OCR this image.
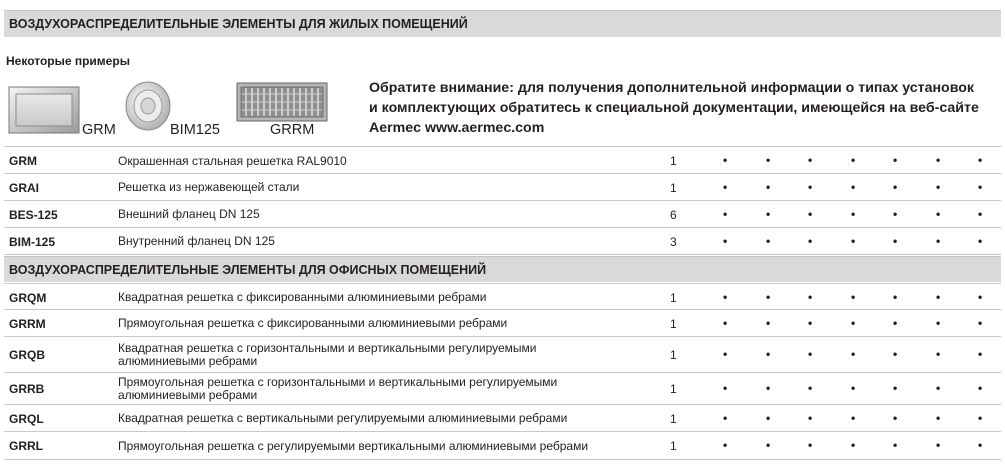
ВОЗДУХОРАСПРЕДЕЛИТЕЛЬНЫЕ ЭЛЕМЕНТЫ ДЛЯ ЖИЛЫХ ПОМЕЩЕНИЙ
Некоторые примеры
GRM	BIM125	GRRM
Обратите внимание: для получения дополнительной информации о типах установок
и комплектующих обратитесь к специальной документации, имеющейся на веб-сайте
Aermec www.aermec.com
ВОЗДУХОРАСПРЕДЕЛИТЕЛЬНЫЕ ЭЛЕМЕНТЫ ДЛЯ ОФИСНЫХ ПОМЕЩЕНИЙ
GRM	Окрашенная стальная решетка RAL9010	1	•	•	•	•	•	•	•
GRAI	Решетка из нержавеющей стали	1	•	•	•	•	•	•	•
BES-125	Внешний фланец DN 125	6	•	•	•	•	•	•	•
BIM-125	Внутренний фланец DN 125	3	•	•	•	•	•	•	•
GRQM	Квадратная решетка с фиксированными алюминиевыми ребрами	1	•	•	•	•	•	•	•
GRRM	Прямоугольная решетка с фиксированными алюминиевыми ребрами	1	•	•	•	•	•	•	•
GRQB	Квадратная решетка с горизонтальными и вертикальными регулируемыми
алюминиевыми ребрами	1	•	•	•	•	•	•	•
GRRB	Прямоугольная решетка с горизонтальными и вертикальными регулируемыми
алюминиевыми ребрами	1	•	•	•	•	•	•	•
GRQL	Квадратная решетка с вертикальными регулируемыми алюминиевыми ребрами	1	•	•	•	•	•	•	•
GRRL	Прямоугольная решетка с регулируемыми вертикальными алюминиевыми ребрами	1	•	•	•	•	•	•	•
